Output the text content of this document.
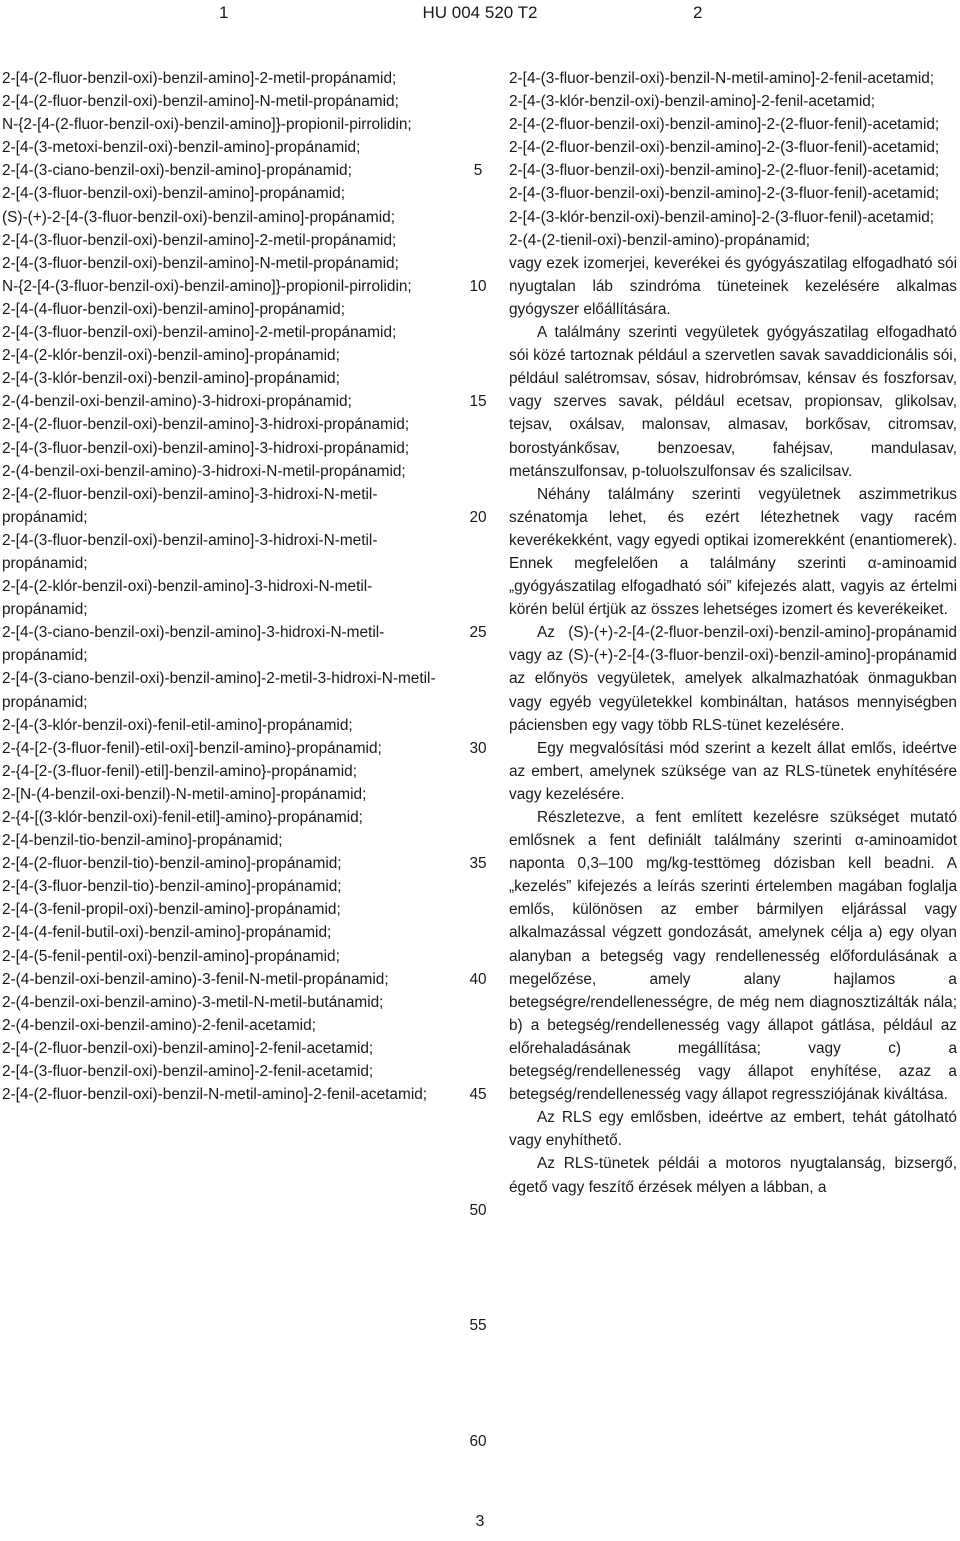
1	HU 004 520 T2	2

2-[4-(2-fluor-benzil-oxi)-benzil-amino]-2-metil-propánamid;

2-[4-(2-fluor-benzil-oxi)-benzil-amino]-N-metil-propánamid;

N-{2-[4-(2-fluor-benzil-oxi)-benzil-amino]}-propionil-pirrolidin;

2-[4-(3-metoxi-benzil-oxi)-benzil-amino]-propánamid;

2-[4-(3-ciano-benzil-oxi)-benzil-amino]-propánamid;

2-[4-(3-fluor-benzil-oxi)-benzil-amino]-propánamid;

(S)-(+)-2-[4-(3-fluor-benzil-oxi)-benzil-amino]-propánamid;

2-[4-(3-fluor-benzil-oxi)-benzil-amino]-2-metil-propánamid;

2-[4-(3-fluor-benzil-oxi)-benzil-amino]-N-metil-propánamid;

N-{2-[4-(3-fluor-benzil-oxi)-benzil-amino]}-propionil-pirrolidin;

2-[4-(4-fluor-benzil-oxi)-benzil-amino]-propánamid;

2-[4-(3-fluor-benzil-oxi)-benzil-amino]-2-metil-propánamid;

2-[4-(2-klór-benzil-oxi)-benzil-amino]-propánamid;

2-[4-(3-klór-benzil-oxi)-benzil-amino]-propánamid;

2-(4-benzil-oxi-benzil-amino)-3-hidroxi-propánamid;

2-[4-(2-fluor-benzil-oxi)-benzil-amino]-3-hidroxi-propánamid;

2-[4-(3-fluor-benzil-oxi)-benzil-amino]-3-hidroxi-propánamid;

2-(4-benzil-oxi-benzil-amino)-3-hidroxi-N-metil-propánamid;

2-[4-(2-fluor-benzil-oxi)-benzil-amino]-3-hidroxi-N-metil-propánamid;

2-[4-(3-fluor-benzil-oxi)-benzil-amino]-3-hidroxi-N-metil-propánamid;

2-[4-(2-klór-benzil-oxi)-benzil-amino]-3-hidroxi-N-metil-propánamid;

2-[4-(3-ciano-benzil-oxi)-benzil-amino]-3-hidroxi-N-metil-propánamid;

2-[4-(3-ciano-benzil-oxi)-benzil-amino]-2-metil-3-hidroxi-N-metil-propánamid;

2-[4-(3-klór-benzil-oxi)-fenil-etil-amino]-propánamid;

2-{4-[2-(3-fluor-fenil)-etil-oxi]-benzil-amino}-propánamid;

2-{4-[2-(3-fluor-fenil)-etil]-benzil-amino}-propánamid;

2-[N-(4-benzil-oxi-benzil)-N-metil-amino]-propánamid;

2-{4-[(3-klór-benzil-oxi)-fenil-etil]-amino}-propánamid;

2-[4-benzil-tio-benzil-amino]-propánamid;

2-[4-(2-fluor-benzil-tio)-benzil-amino]-propánamid;

2-[4-(3-fluor-benzil-tio)-benzil-amino]-propánamid;

2-[4-(3-fenil-propil-oxi)-benzil-amino]-propánamid;

2-[4-(4-fenil-butil-oxi)-benzil-amino]-propánamid;

2-[4-(5-fenil-pentil-oxi)-benzil-amino]-propánamid;

2-(4-benzil-oxi-benzil-amino)-3-fenil-N-metil-propánamid;

2-(4-benzil-oxi-benzil-amino)-3-metil-N-metil-butánamid;

2-(4-benzil-oxi-benzil-amino)-2-fenil-acetamid;

2-[4-(2-fluor-benzil-oxi)-benzil-amino]-2-fenil-acetamid;

2-[4-(3-fluor-benzil-oxi)-benzil-amino]-2-fenil-acetamid;

2-[4-(2-fluor-benzil-oxi)-benzil-N-metil-amino]-2-fenil-acetamid;

5
10
15
20
25
30
35
40
45
50
55
60

2-[4-(3-fluor-benzil-oxi)-benzil-N-metil-amino]-2-fenil-acetamid;

2-[4-(3-klór-benzil-oxi)-benzil-amino]-2-fenil-acetamid;

2-[4-(2-fluor-benzil-oxi)-benzil-amino]-2-(2-fluor-fenil)-acetamid;

2-[4-(2-fluor-benzil-oxi)-benzil-amino]-2-(3-fluor-fenil)-acetamid;

2-[4-(3-fluor-benzil-oxi)-benzil-amino]-2-(2-fluor-fenil)-acetamid;

2-[4-(3-fluor-benzil-oxi)-benzil-amino]-2-(3-fluor-fenil)-acetamid;

2-[4-(3-klór-benzil-oxi)-benzil-amino]-2-(3-fluor-fenil)-acetamid;

2-(4-(2-tienil-oxi)-benzil-amino)-propánamid;

vagy ezek izomerjei, keverékei és gyógyászatilag elfogadható sói nyugtalan láb szindróma tüneteinek kezelésére alkalmas gyógyszer előállítására.

A találmány szerinti vegyületek gyógyászatilag elfogadható sói közé tartoznak például a szervetlen savak savaddicionális sói, például salétromsav, sósav, hidrobrómsav, kénsav és foszforsav, vagy szerves savak, például ecetsav, propionsav, glikolsav, tejsav, oxálsav, malonsav, almasav, borkősav, citromsav, borostyánkősav, benzoesav, fahéjsav, mandulasav, metánszulfonsav, p-toluolszulfonsav és szalicilsav.

Néhány találmány szerinti vegyületnek aszimmetrikus szénatomja lehet, és ezért létezhetnek vagy racém keverékekként, vagy egyedi optikai izomerekként (enantiomerek). Ennek megfelelően a találmány szerinti α-aminoamid „gyógyászatilag elfogadható sói” kifejezés alatt, vagyis az értelmi körén belül értjük az összes lehetséges izomert és keverékeiket.

Az (S)-(+)-2-[4-(2-fluor-benzil-oxi)-benzil-amino]-propánamid vagy az (S)-(+)-2-[4-(3-fluor-benzil-oxi)-benzil-amino]-propánamid az előnyös vegyületek, amelyek alkalmazhatóak önmagukban vagy egyéb vegyületekkel kombináltan, hatásos mennyiségben páciensben egy vagy több RLS-tünet kezelésére.

Egy megvalósítási mód szerint a kezelt állat emlős, ideértve az embert, amelynek szüksége van az RLS-tünetek enyhítésére vagy kezelésére.

Részletezve, a fent említett kezelésre szükséget mutató emlősnek a fent definiált találmány szerinti α-aminoamidot naponta 0,3–100 mg/kg-testtömeg dózisban kell beadni. A „kezelés” kifejezés a leírás szerinti értelemben magában foglalja emlős, különösen az ember bármilyen eljárással vagy alkalmazással végzett gondozását, amelynek célja a) egy olyan alanyban a betegség vagy rendellenesség előfordulásának a megelőzése, amely alany hajlamos a betegségre/rendellenességre, de még nem diagnosztizálták nála; b) a betegség/rendellenesség vagy állapot gátlása, például az előrehaladásának megállítása; vagy c) a betegség/rendellenesség vagy állapot enyhítése, azaz a betegség/rendellenesség vagy állapot regressziójának kiváltása.

Az RLS egy emlősben, ideértve az embert, tehát gátolható vagy enyhíthető.

Az RLS-tünetek példái a motoros nyugtalanság, bizsergő, égető vagy feszítő érzések mélyen a lábban, a

3
